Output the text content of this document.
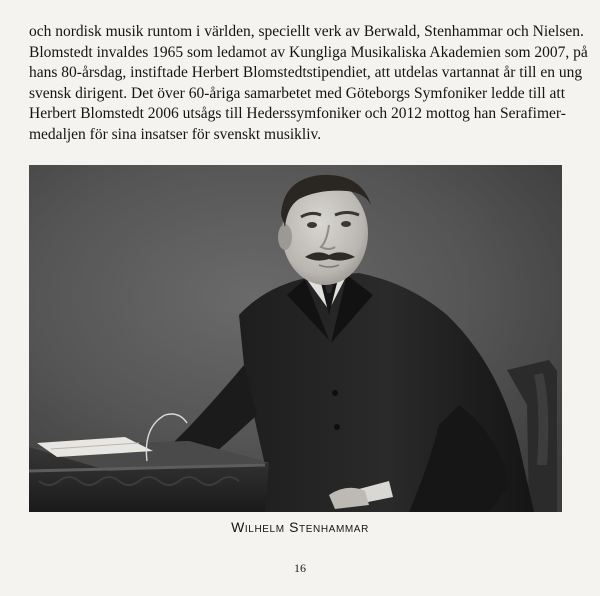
och nordisk musik runtom i världen, speciellt verk av Berwald, Stenhammar och Nielsen.
Blomstedt invaldes 1965 som ledamot av Kungliga Musikaliska Akademien som 2007, på
hans 80-årsdag, instiftade Herbert Blomstedtstipendiet, att utdelas vartannat år till en ung
svensk dirigent. Det över 60-åriga samarbetet med Göteborgs Symfoniker ledde till att
Herbert Blomstedt 2006 utsågs till Hederssymfoniker och 2012 mottog han Serafimer-
medaljen för sina insatser för svenskt musikliv.

Wilhelm Stenhammar
16
